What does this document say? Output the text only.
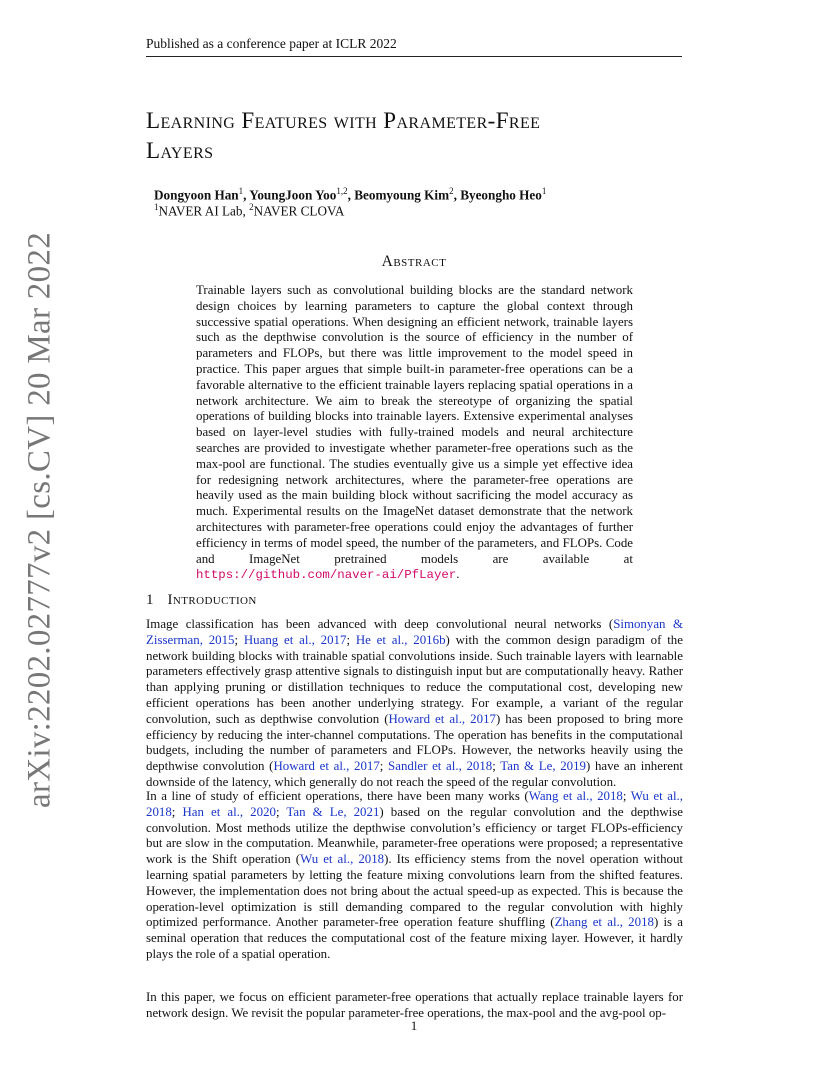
Published as a conference paper at ICLR 2022
arXiv:2202.02777v2 [cs.CV] 20 Mar 2022
Learning Features with Parameter-Free
Layers
Dongyoon Han$^1$, YoungJoon Yoo$^{1,2}$, Beomyoung Kim$^2$, Byeongho Heo$^1$
$^1$NAVER AI Lab, $^2$NAVER CLOVA
Abstract

Trainable layers such as convolutional building blocks are the standard network design choices by learning parameters to capture the global context through successive spatial operations. When designing an efficient network, trainable layers such as the depthwise convolution is the source of efficiency in the number of parameters and FLOPs, but there was little improvement to the model speed in practice. This paper argues that simple built-in parameter-free operations can be a favorable alternative to the efficient trainable layers replacing spatial operations in a network architecture. We aim to break the stereotype of organizing the spatial operations of building blocks into trainable layers. Extensive experimental analyses based on layer-level studies with fully-trained models and neural architecture searches are provided to investigate whether parameter-free operations such as the max-pool are functional. The studies eventually give us a simple yet effective idea for redesigning network architectures, where the parameter-free operations are heavily used as the main building block without sacrificing the model accuracy as much. Experimental results on the ImageNet dataset demonstrate that the network architectures with parameter-free operations could enjoy the advantages of further efficiency in terms of model speed, the number of the parameters, and FLOPs. Code and ImageNet pretrained models are available at https://github.com/naver-ai/PfLayer.

1 Introduction

Image classification has been advanced with deep convolutional neural networks (Simonyan & Zisserman, 2015; Huang et al., 2017; He et al., 2016b) with the common design paradigm of the network building blocks with trainable spatial convolutions inside. Such trainable layers with learnable parameters effectively grasp attentive signals to distinguish input but are computationally heavy. Rather than applying pruning or distillation techniques to reduce the computational cost, developing new efficient operations has been another underlying strategy. For example, a variant of the regular convolution, such as depthwise convolution (Howard et al., 2017) has been proposed to bring more efficiency by reducing the inter-channel computations. The operation has benefits in the computational budgets, including the number of parameters and FLOPs. However, the networks heavily using the depthwise convolution (Howard et al., 2017; Sandler et al., 2018; Tan & Le, 2019) have an inherent downside of the latency, which generally do not reach the speed of the regular convolution.

In a line of study of efficient operations, there have been many works (Wang et al., 2018; Wu et al., 2018; Han et al., 2020; Tan & Le, 2021) based on the regular convolution and the depthwise convolution. Most methods utilize the depthwise convolution’s efficiency or target FLOPs-efficiency but are slow in the computation. Meanwhile, parameter-free operations were proposed; a representative work is the Shift operation (Wu et al., 2018). Its efficiency stems from the novel operation without learning spatial parameters by letting the feature mixing convolutions learn from the shifted features. However, the implementation does not bring about the actual speed-up as expected. This is because the operation-level optimization is still demanding compared to the regular convolution with highly optimized performance. Another parameter-free operation feature shuffling (Zhang et al., 2018) is a seminal operation that reduces the computational cost of the feature mixing layer. However, it hardly plays the role of a spatial operation.

In this paper, we focus on efficient parameter-free operations that actually replace trainable layers for network design. We revisit the popular parameter-free operations, the max-pool and the avg-pool op-

1
